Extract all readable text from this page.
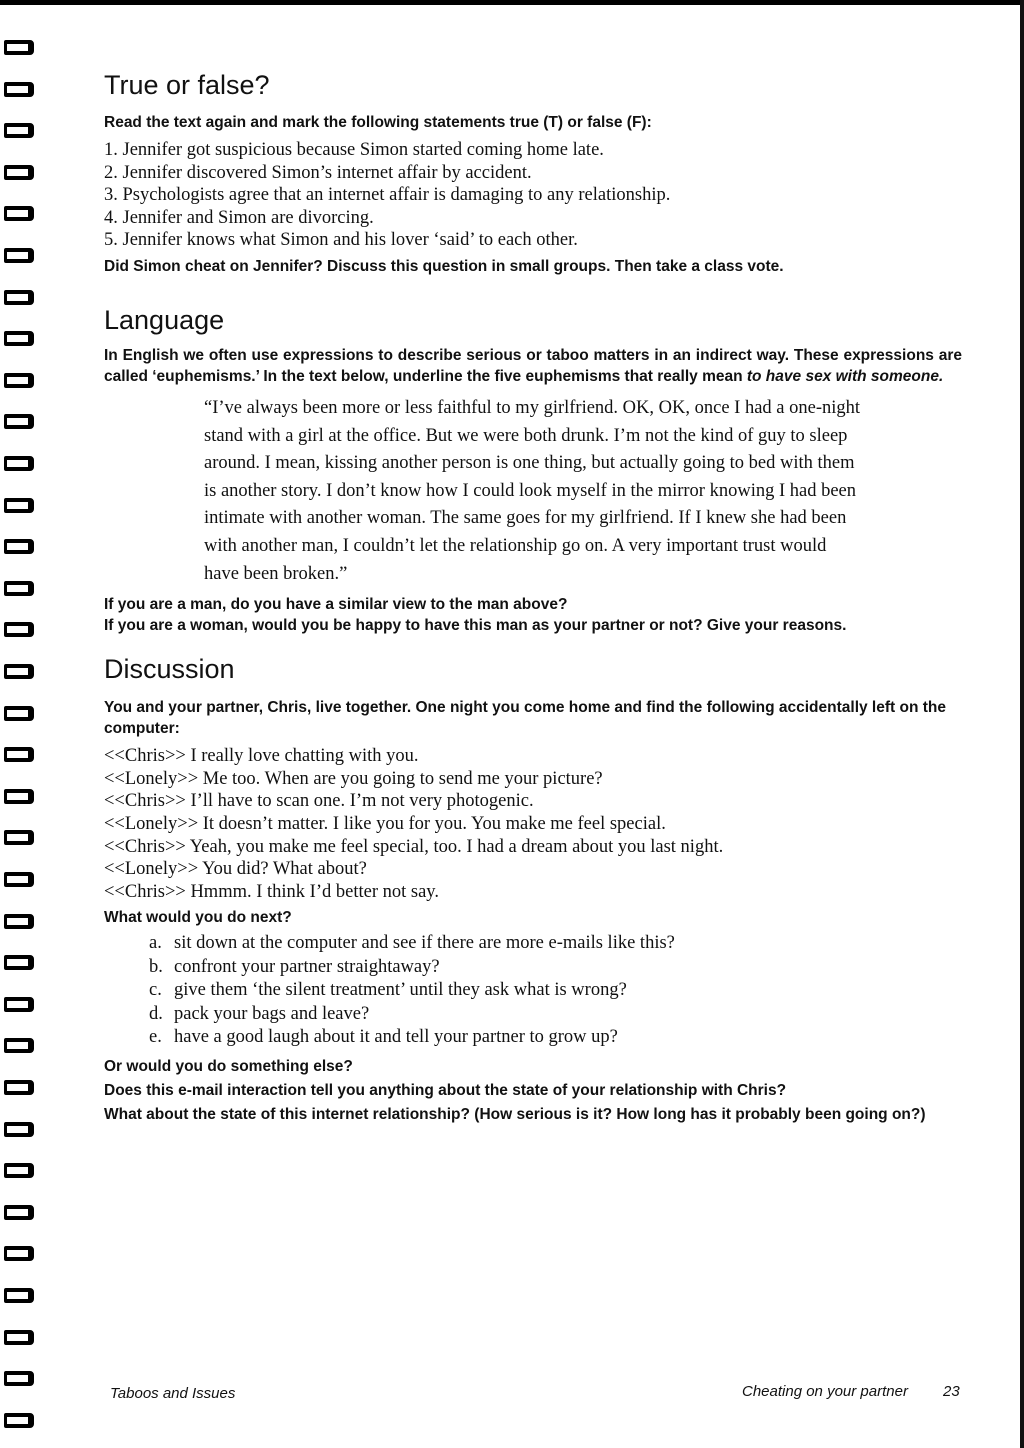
True or false?

Read the text again and mark the following statements true (T) or false (F):

1. Jennifer got suspicious because Simon started coming home late.
2. Jennifer discovered Simon’s internet affair by accident.
3. Psychologists agree that an internet affair is damaging to any relationship.
4. Jennifer and Simon are divorcing.
5. Jennifer knows what Simon and his lover ‘said’ to each other.

Did Simon cheat on Jennifer? Discuss this question in small groups. Then take a class vote.

Language

In English we often use expressions to describe serious or taboo matters in an indirect way. These expressions are called ‘euphemisms.’ In the text below, underline the five euphemisms that really mean to have sex with someone.

“I’ve always been more or less faithful to my girlfriend. OK, OK, once I had a one-night stand with a girl at the office. But we were both drunk. I’m not the kind of guy to sleep around. I mean, kissing another person is one thing, but actually going to bed with them is another story. I don’t know how I could look myself in the mirror knowing I had been intimate with another woman. The same goes for my girlfriend. If I knew she had been with another man, I couldn’t let the relationship go on. A very important trust would have been broken.”

If you are a man, do you have a similar view to the man above?

If you are a woman, would you be happy to have this man as your partner or not? Give your reasons.

Discussion

You and your partner, Chris, live together. One night you come home and find the following accidentally left on the computer:

<<Chris>> I really love chatting with you.
<<Lonely>> Me too. When are you going to send me your picture?
<<Chris>> I’ll have to scan one. I’m not very photogenic.
<<Lonely>> It doesn’t matter. I like you for you. You make me feel special.
<<Chris>> Yeah, you make me feel special, too. I had a dream about you last night.
<<Lonely>> You did? What about?
<<Chris>> Hmmm. I think I’d better not say.

What would you do next?

a. sit down at the computer and see if there are more e-mails like this?
b. confront your partner straightaway?
c. give them ‘the silent treatment’ until they ask what is wrong?
d. pack your bags and leave?
e. have a good laugh about it and tell your partner to grow up?

Or would you do something else?

Does this e-mail interaction tell you anything about the state of your relationship with Chris?

What about the state of this internet relationship? (How serious is it? How long has it probably been going on?)

Taboos and Issues	Cheating on your partner 23
